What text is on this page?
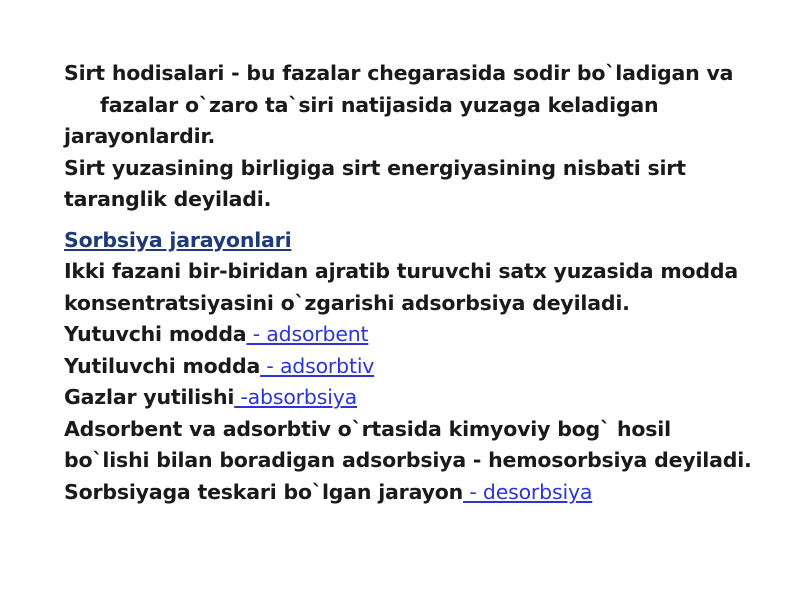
Sirt hodisalari - bu fazalar chegarasida sodir bo`ladigan va
fazalar o`zaro ta`siri natijasida yuzaga keladigan
jarayonlardir.
Sirt yuzasining birligiga sirt energiyasining nisbati sirt
taranglik deyiladi.
Sorbsiya jarayonlari
Ikki fazani bir-biridan ajratib turuvchi satx yuzasida modda
konsentratsiyasini o`zgarishi adsorbsiya deyiladi.
Yutuvchi modda - adsorbent
Yutiluvchi modda - adsorbtiv
Gazlar yutilishi -absorbsiya
Adsorbent va adsorbtiv o`rtasida kimyoviy bog` hosil
bo`lishi bilan boradigan adsorbsiya - hemosorbsiya deyiladi.
Sorbsiyaga teskari bo`lgan jarayon - desorbsiya
